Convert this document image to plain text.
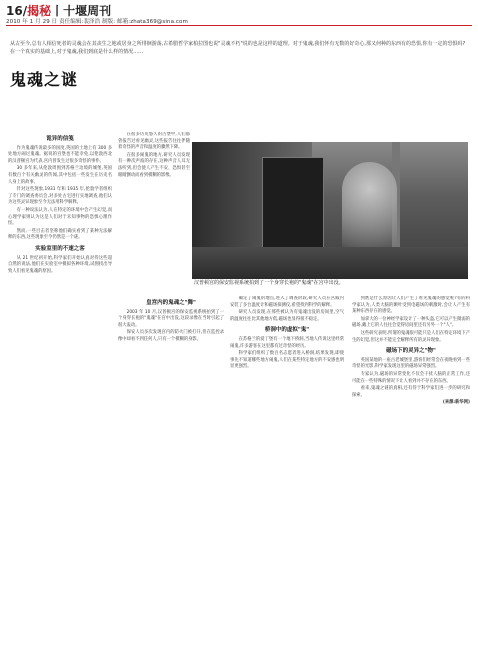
16/揭秘丨十堰周刊
2010 年 1 月 29 日 责任编辑:裴泽浩 制版: 邮箱:zhata369@sina.com
从古至今,总有人相信死者的灵魂会在其丧生之地或居身之所徘徊游荡,古希腊哲学家柏拉图也说"灵魂不朽"说的也是这样的道理。对于鬼魂,我们怀有无数的好奇心,那又何种的东西有的恐惧,你有一定的恐惧吗?在一个真实的基础上,对于鬼魂,我们到底是什么样的情况……
鬼魂之谜
诡异的信笺

作为鬼魂传说最多的国度,英国的土地上有 300 多处地方闹过鬼魂。据说的宫堡也不能幸免,以伦敦西北的汉普顿宫为代表,宫内曾发生过很多奇怪的事件。

30 多年来,从伦敦周围到苏格兰边境的城堡,英国有数百个有关幽灵的传闻,其中包括一些发生在历史名人身上的故事。

针对这些现象,1931 年和 1935 年,伦敦学者组织了专门的调查委员会,对多处古宅进行实地调查,他们认为这些灵异现象至今无法用科学解释。

有一种说法认为,人在特定的环境中会产生幻觉,而心理学家则认为这是人们对于未知事物的恐惧心理作怪。

然而,一些目击者坚称他们确实看到了某种无法解释的东西,这些现象至今仍然是一个谜。

实验室里的不速之客

从 21 世纪初开始,科学家们开始认真对待这些超自然的说法,他们在实验室中模拟各种环境,试图找出导致人们看见鬼魂的原因。

汉普顿宫的保安监视系统拍到了一个身穿长袍的"鬼魂"在宫中出没。

在很多历史悠久的古堡中,人们都曾报告过看见幽灵,这些报告往往伴随着奇怪的声音和温度的骤然下降。

在很多闹鬼的地方,研究人员发现有一种次声波的存在,这种声音人耳无法听到,但会使人产生不安、恐惧甚至眼睛颤动而看到模糊的影像。

皇宫内的鬼魂之"舞"

2003 年 10 月,汉普顿宫的保安监视系统拍到了一个身穿长袍的"鬼魂"在宫中出没,这段录像在当时引起了很大轰动。

保安人员多次发现宫内的防火门被打开,但在监控录像中却看不到任何人,只有一个模糊的身影。

确定了闹鬼的地点,进入了调查阶段,研究人员在宫殿内安装了多台温度计和磁场探测仪,希望找到科学的解释。

研究人员发现,在那些被认为有鬼魂出没的房间里,空气的温度往往比其他地方低,磁场也显得很不稳定。

桥洞中的虚拟"鬼"

在苏格兰的爱丁堡有一个地下桥洞,当地人传说这里经常闹鬼,许多游客在这里都有过奇怪的经历。

科学家们组织了数百名志愿者进入桥洞,结果发现,即使事先不知道哪些地方闹鬼,人们在某些特定地方的不安感也明显更强烈。

到底是什么原因让人们产生了看见鬼魂的感觉呢?有的科学家认为,人类大脑的颞叶受到电磁场的刺激时,会让人产生有某种东西存在的感觉。

加拿大的一位神经学家设计了一种头盔,它可以产生微弱的磁场,戴上它的人往往会觉得房间里还有另外一个"人"。

这些研究表明,所谓的鬼魂很可能只是人们在特定环境下产生的幻觉,但这并不能完全解释所有的灵异现象。

磁场下的灵异之"物"

英国某地的一座古老城堡里,游客们经常会在夜晚看到一些奇怪的光影,科学家发现这里的磁场异常强烈。

专家认为,磁场的异常变化不仅会干扰人脑的正常工作,还可能在一些特殊的情况下让人看到并不存在的东西。

看来,鬼魂之谜的真相,还有待于科学家们进一步的研究和探索。

(来源:新华网)
